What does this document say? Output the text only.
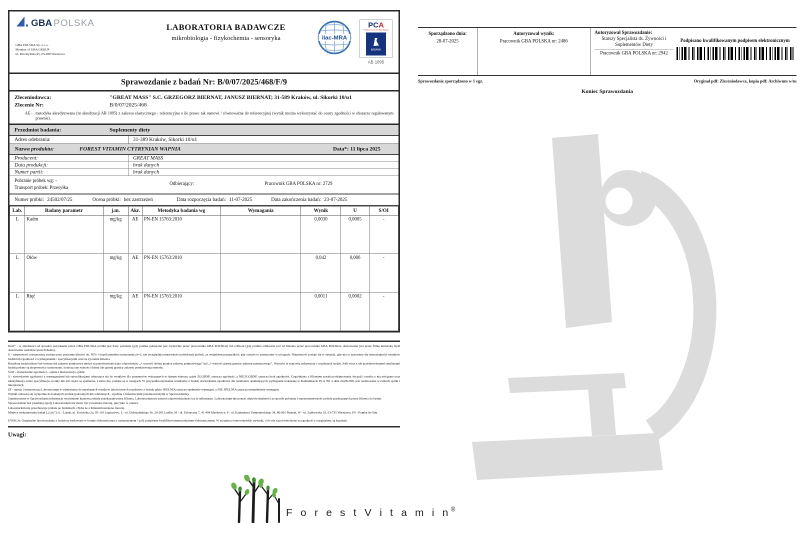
GBA POLSKA
GBA POLSKA Sp. z o.o.
Member of GBA GROUP
ul. Mochtyńska 65, 03-289 Warszawa
LABORATORIA BADAWCZE
mikrobiologia - fizykochemia - sensoryka	ilac-MRA
PCA
Polskie Centrum Akredytacji
BADANIA
AB 1095
Sprawozdanie z badań Nr: B/0/07/2025/468/F/9
Zleceniodawca:	"GREAT MASS" S.C. GRZEGORZ BIERNAT, JANUSZ BIERNAT; 31-589 Kraków, ul. Sikorki 10/u1
Zlecenie Nr:	B/0/07/2025/468
AE - metodyka akredytowana (nr akredytacji AB 1095) z zakresu elastycznego - referencyjna o ile prawo tak stanowi / równoważna do referencyjnej (wynik można wykorzystać do oceny zgodności w obszarze regulowanym prawnie).
Przedmiot badania:	Suplementy diety
Adres odebrania:	31-389 Kraków, Sikorki 10/u1
Nazwa produktu:	FOREST VITAMIN CYTRYNIAN WAPNIA	Data*: 11 lipca 2025
Producent:	GREAT MASS
Data produkcji:	brak danych
Numer partii:	brak danych
Pobranie próbek wg: -
Transport próbek: Przesyłka
Odbierający:	Pracownik GBA POLSKA nr: 2729
Numer próbki: 24502/07/25 Ocena próbki: bez zastrzeżeń Data rozpoczęcia badań: 11-07-2025 Data zakończenia badań: 23-07-2025
Lab.	Badany parametr	j.m.	Akr.	Metodyka badania wg	Wymagania	Wynik	U	S/OI
L	Kadm	mg/kg	AE	PN-EN 15763:2010		0,0030	0,0005	-
L	Ołów	mg/kg	AE	PN-EN 15763:2010		0,042	0,006	-
L	Rtęć	mg/kg	AE	PN-EN 15763:2010		0,0011	0,0002	-
Data* - w zależności od sposobu pozyskania przez GBA POLSKA próbki jest datą: pobrania (gdy próbka pobierana jest wyłącznie przez pracownika GBA POLSKA) lub odbioru (gdy próbka odbierana jest od Klienta przez pracownika GBA POLSKA, dostarczana jest przez firmę kurierską bądź dostarczana osobiście przez Klienta).
U - niepewność rozszerzona; podana przy poziomie ufności ok. 95% i współczynniku rozszerzenia k=2, nie uwzględnia niepewności pobierania próbek, za wyjątkiem przypadków, gdy zostało to zaznaczone w uwagach. Niepewność podaje się w sytuacji, gdy ma to znaczenie dla miarodajności wyników badań lub zgodności z wymaganiami / specyfikacjami oraz na życzenie Klienta.
Rezultaty badań niższe lub wyższe niż zakresy pomiarowe metod są przedstawiane jako odpowiednio „< wartość dolnej granicy zakresu pomiarowego” lub „> wartość górnej granicy zakresu pomiarowego”. Wartości te stanowią informację o rezultatach badań. Jeśli wraz z tak przedstawionymi rezultatami badań podane są niepewności rozszerzone, dotyczą one wartości dolnej lub górnej granicy zakresu pomiarowego metody.
S/OI - stwierdzenie zgodności - opinia i interpretacja, gdzie:
S - stwierdzenie zgodności z wymaganiami lub specyfikacjami odnoszące się do wyników dla parametrów wskazanych w danym wierszu, gdzie ZGODNE oznacza zgodność, a NIEZGODNE oznacza brak zgodności. Uzgodniona z Klientem zasada podejmowania decyzji i ryzyko z nią związane oraz identyfikacja, które specyfikacje, normy lub ich części są spełnione, a które nie, podane są w uwagach. W przypadku uzyskania rezultatów z badań, stwierdzenie zgodności dla rezultatów spełniających wymagania wskazane w Komunikacie PCA 351 z dnia 24.08.2021 jest realizowane w ramach opinii i interpretacji.
OI - opinia i interpretacja Laboratorium w odniesieniu do uzyskanych wyników jakościowych rezultatów z badań, gdzie SPEŁNIA oznacza spełnienie wymagań, a NIE SPEŁNIA oznacza niespełnienie wymagań.
Wyniki odnoszą się wyłącznie do badanych próbek (pobranych lub odebranych - zgodnie z informacjami przedstawionymi w Sprawozdaniu).
Zamieszczone w Sprawozdaniu informacje wyróżnione kursywą zostały przekazane przez Klienta. Laboratorium nie ponosi odpowiedzialności za te informacje. Laboratorium nie ponosi odpowiedzialności za sposób pobrania i reprezentatywność próbek przekazanych przez Klienta do badań.
Sprawozdanie bez pisemnej zgody Laboratorium nie może być powielane inaczej, jak tylko w całości.
Laboratorium nie przechowuje próbek po badaniach, chyba że z Klientem ustalono inaczej.
Miejsce wykonywania badań („Lab.”): Ł - Łajski, ul. Kościelna 2a, 05-119 Legionowo, L - ul. Dobrzańskiego 3b, 20-281 Lublin, M - ul. Fabryczna 7, 41-404 Mysłowice, P - ul. Kazimierza Tymienieckiego 34, 80-001 Poznań, W - ul. Ząbkowska 10, 03-735 Warszawa, PS - Pomiar In-Situ
UWAGA: Oryginalne Sprawozdania z badań są wydawane w formie elektronicznej z rozszerzeniem *.pdf, podpisane kwalifikowanym podpisem elektronicznym. W związku z tym wszystkie wydruki, o ile nie są potwierdzone za zgodność z oryginałem, są kopiami.
Uwagi:
F o r e s t V i t a m i n®
Sporządzono dnia:
28-07-2025
Autoryzował wynik:
Pracownik GBA POLSKA nr: 2486
Autoryzował Sprawozdanie:
Starszy Specjalista ds. Żywności i Suplementów Diety
Pracownik GBA POLSKA nr: 2942
Podpisano kwalifikowanym podpisem elektronicznym
Sprawozdanie sporządzono w 1 egz.	Oryginał pdf: Zleceniodawca, kopia pdf: Archiwum w/m
Koniec Sprawozdania
